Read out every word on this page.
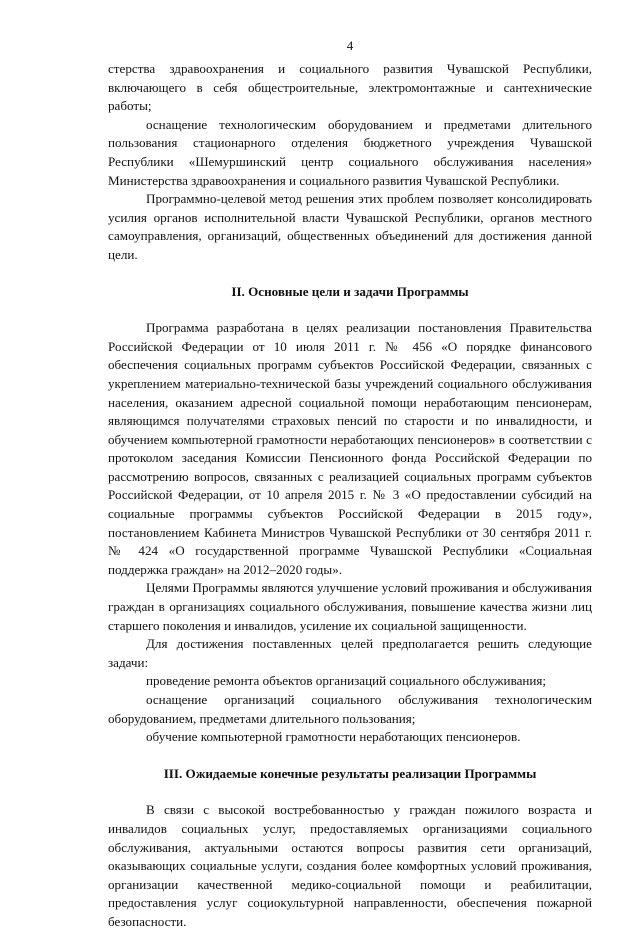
4

стерства здравоохранения и социального развития Чувашской Республики, включающего в себя общестроительные, электромонтажные и сантехнические работы;

оснащение технологическим оборудованием и предметами длительного пользования стационарного отделения бюджетного учреждения Чувашской Республики «Шемуршинский центр социального обслуживания населения» Министерства здравоохранения и социального развития Чувашской Республики.

Программно-целевой метод решения этих проблем позволяет консолидировать усилия органов исполнительной власти Чувашской Республики, органов местного самоуправления, организаций, общественных объединений для достижения данной цели.

II. Основные цели и задачи Программы

Программа разработана в целях реализации постановления Правительства Российской Федерации от 10 июля 2011 г. № 456 «О порядке финансового обеспечения социальных программ субъектов Российской Федерации, связанных с укреплением материально-технической базы учреждений социального обслуживания населения, оказанием адресной социальной помощи неработающим пенсионерам, являющимся получателями страховых пенсий по старости и по инвалидности, и обучением компьютерной грамотности неработающих пенсионеров» в соответствии с протоколом заседания Комиссии Пенсионного фонда Российской Федерации по рассмотрению вопросов, связанных с реализацией социальных программ субъектов Российской Федерации, от 10 апреля 2015 г. № 3 «О предоставлении субсидий на социальные программы субъектов Российской Федерации в 2015 году», постановлением Кабинета Министров Чувашской Республики от 30 сентября 2011 г. № 424 «О государственной программе Чувашской Республики «Социальная поддержка граждан» на 2012–2020 годы».

Целями Программы являются улучшение условий проживания и обслуживания граждан в организациях социального обслуживания, повышение качества жизни лиц старшего поколения и инвалидов, усиление их социальной защищенности.

Для достижения поставленных целей предполагается решить следующие задачи:

проведение ремонта объектов организаций социального обслуживания;

оснащение организаций социального обслуживания технологическим оборудованием, предметами длительного пользования;

обучение компьютерной грамотности неработающих пенсионеров.

III. Ожидаемые конечные результаты реализации Программы

В связи с высокой востребованностью у граждан пожилого возраста и инвалидов социальных услуг, предоставляемых организациями социального обслуживания, актуальными остаются вопросы развития сети организаций, оказывающих социальные услуги, создания более комфортных условий проживания, организации качественной медико-социальной помощи и реабилитации, предоставления услуг социокультурной направленности, обеспечения пожарной безопасности.
